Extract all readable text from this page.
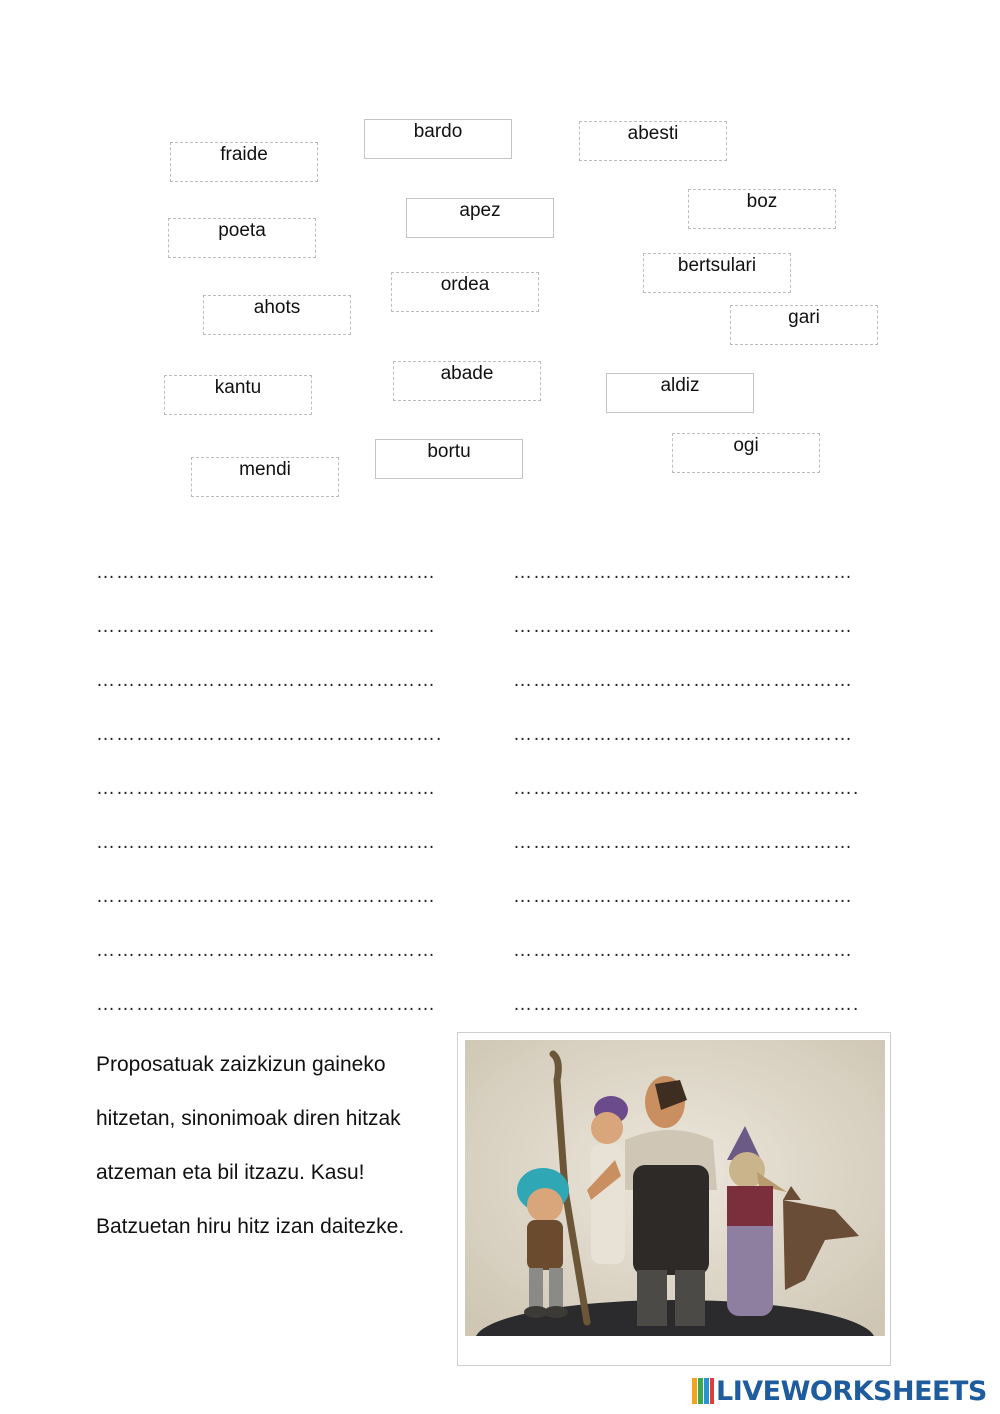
bardo	abesti
fraide
boz
poeta
apez
bertsulari
ordea
ahots	gari
abade
kantu	aldiz
ogi
mendi
bortu
……………………………………………
……………………………………………
……………………………………………
…………………………………………….
……………………………………………
……………………………………………
……………………………………………
……………………………………………
……………………………………………
……………………………………………
……………………………………………
……………………………………………
……………………………………………
…………………………………………….
……………………………………………
……………………………………………
……………………………………………
…………………………………………….
Proposatuak zaizkizun gaineko
hitzetan, sinonimoak diren hitzak
atzeman eta bil itzazu. Kasu!
Batzuetan hiru hitz izan daitezke.
LIVEWORKSHEETS
